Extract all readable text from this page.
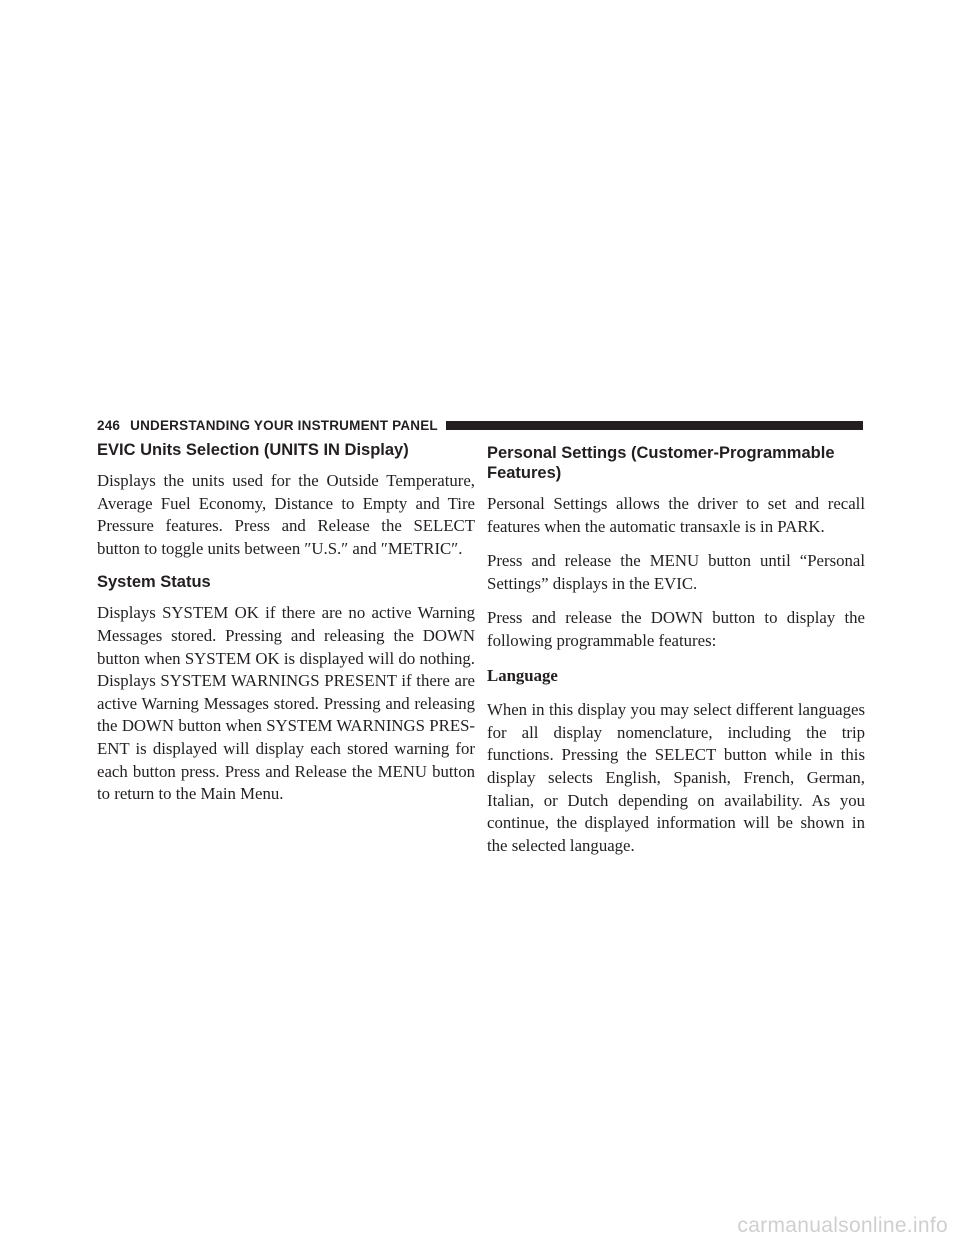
246 UNDERSTANDING YOUR INSTRUMENT PANEL
EVIC Units Selection (UNITS IN Display)

Displays the units used for the Outside Temperature, Average Fuel Economy, Distance to Empty and Tire Pressure features. Press and Release the SELECT button to toggle units between ″U.S.″ and ″METRIC″.

System Status

Displays SYSTEM OK if there are no active Warning Messages stored. Pressing and releasing the DOWN button when SYSTEM OK is displayed will do nothing. Displays SYSTEM WARNINGS PRESENT if there are active Warning Messages stored. Pressing and releasing the DOWN button when SYSTEM WARNINGS PRESENT is displayed will display each stored warning for each button press. Press and Release the MENU button to return to the Main Menu.

Personal Settings (Customer-Programmable Features)

Personal Settings allows the driver to set and recall features when the automatic transaxle is in PARK.

Press and release the MENU button until “Personal Settings” displays in the EVIC.

Press and release the DOWN button to display the following programmable features:

Language

When in this display you may select different languages for all display nomenclature, including the trip functions. Pressing the SELECT button while in this display selects English, Spanish, French, German, Italian, or Dutch depending on availability. As you continue, the displayed information will be shown in the selected language.

carmanualsonline.info
